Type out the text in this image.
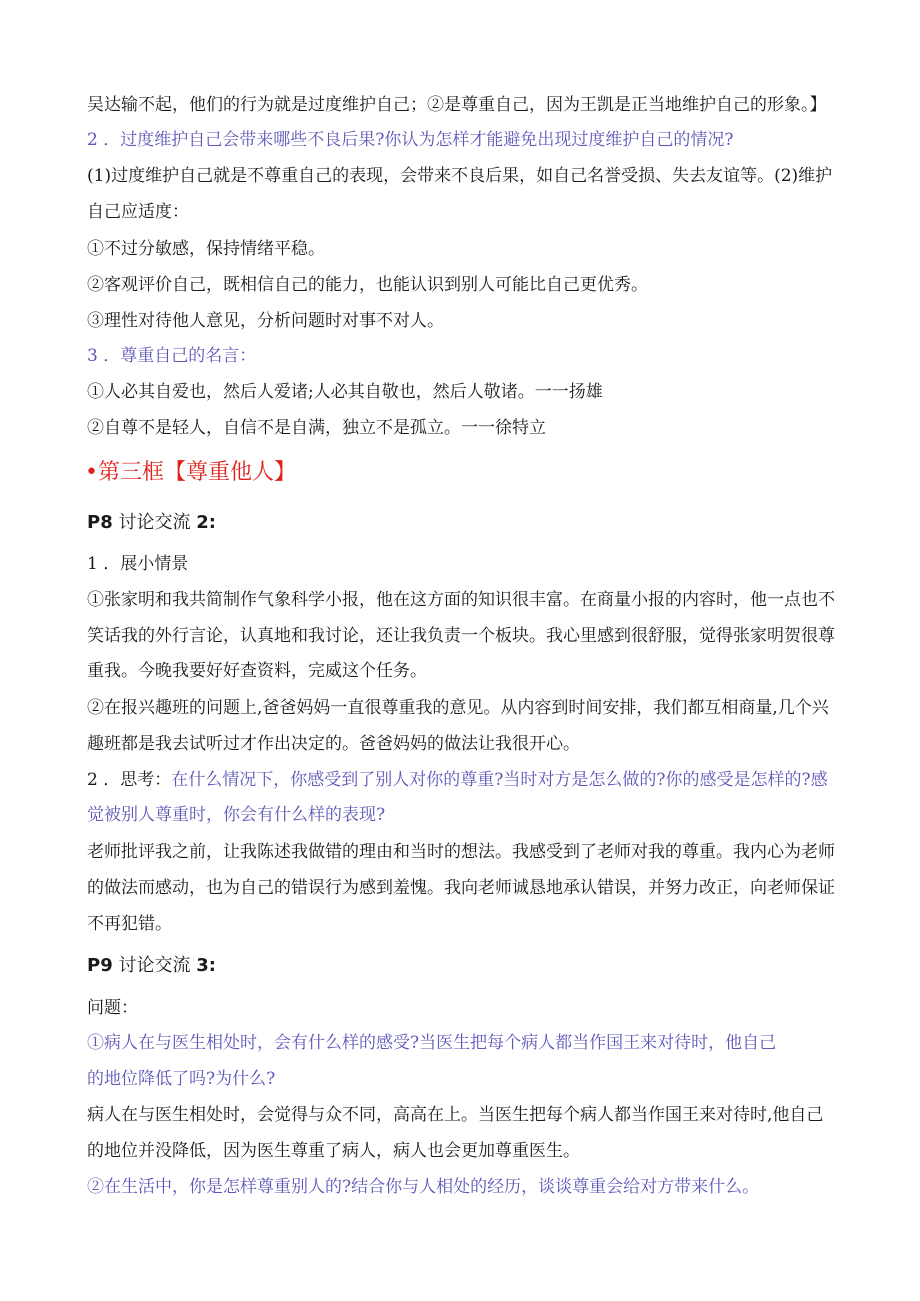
吴达输不起，他们的行为就是过度维护自己；②是尊重自己，因为王凯是正当地维护自己的形象。】
2 ．过度维护自己会带来哪些不良后果?你认为怎样才能避免出现过度维护自己的情况?
(1)过度维护自己就是不尊重自己的表现，会带来不良后果，如自己名誉受损、失去友谊等。(2)维护
自己应适度：
①不过分敏感，保持情绪平稳。
②客观评价自己，既相信自己的能力，也能认识到别人可能比自己更优秀。
③理性对待他人意见，分析问题时对事不对人。
3 ．尊重自己的名言：
①人必其自爱也，然后人爱诸;人必其自敬也，然后人敬诸。一一扬雄
②自尊不是轻人，自信不是自满，独立不是孤立。一一徐特立
•第三框【尊重他人】
P8 讨论交流 2:
1 ．展小情景
①张家明和我共简制作气象科学小报，他在这方面的知识很丰富。在商量小报的内容时，他一点也不
笑话我的外行言论，认真地和我讨论，还让我负责一个板块。我心里感到很舒服，觉得张家明贺很尊
重我。今晚我要好好查资料，完威这个任务。
②在报兴趣班的问题上,爸爸妈妈一直很尊重我的意见。从内容到时间安排，我们都互相商量,几个兴
趣班都是我去试听过才作出决定的。爸爸妈妈的做法让我很开心。
2 ．思考：在什么情况下，你感受到了别人对你的尊重?当时对方是怎么做的?你的感受是怎样的?感
觉被别人尊重时，你会有什么样的表现?
老师批评我之前，让我陈述我做错的理由和当时的想法。我感受到了老师对我的尊重。我内心为老师
的做法而感动，也为自己的错误行为感到羞愧。我向老师诚恳地承认错误，并努力改正，向老师保证
不再犯错。
P9 讨论交流 3:
问题：
①病人在与医生相处时，会有什么样的感受?当医生把每个病人都当作国王来对待时，他自己
的地位降低了吗?为什么?
病人在与医生相处时，会觉得与众不同，高高在上。当医生把每个病人都当作国王来对待时,他自己
的地位并没降低，因为医生尊重了病人，病人也会更加尊重医生。
②在生活中，你是怎样尊重别人的?结合你与人相处的经历，谈谈尊重会给对方带来什么。
